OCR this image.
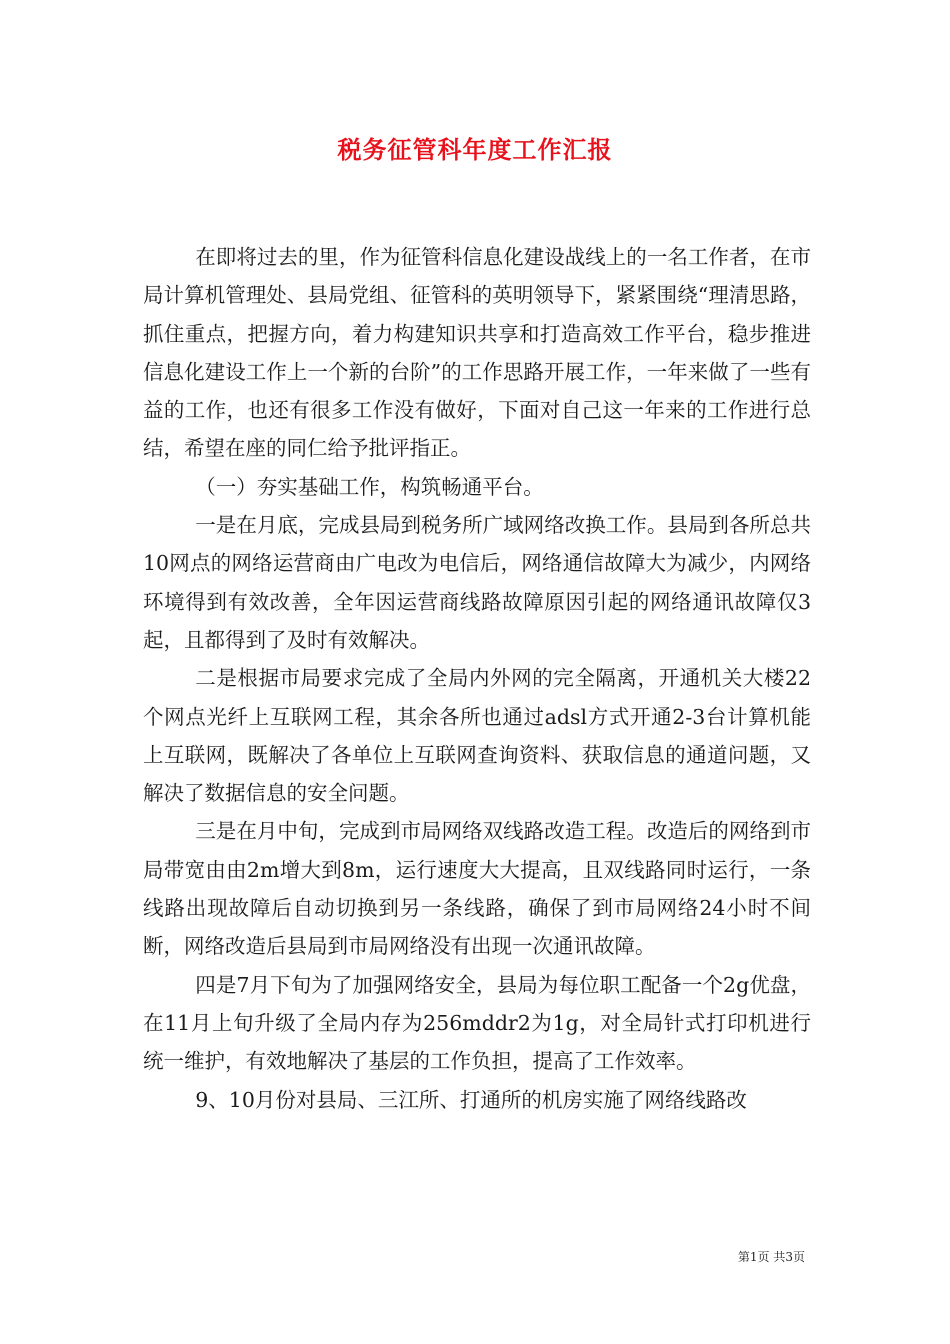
税务征管科年度工作汇报

在即将过去的里，作为征管科信息化建设战线上的一名工作者，在市局计算机管理处、县局党组、征管科的英明领导下，紧紧围绕“理清思路，抓住重点，把握方向，着力构建知识共享和打造高效工作平台，稳步推进信息化建设工作上一个新的台阶”的工作思路开展工作，一年来做了一些有益的工作，也还有很多工作没有做好，下面对自己这一年来的工作进行总结，希望在座的同仁给予批评指正。

（一）夯实基础工作，构筑畅通平台。

一是在月底，完成县局到税务所广域网络改换工作。县局到各所总共10网点的网络运营商由广电改为电信后，网络通信故障大为减少，内网络环境得到有效改善，全年因运营商线路故障原因引起的网络通讯故障仅3起，且都得到了及时有效解决。

二是根据市局要求完成了全局内外网的完全隔离，开通机关大楼22个网点光纤上互联网工程，其余各所也通过adsl方式开通2-3台计算机能上互联网，既解决了各单位上互联网查询资料、获取信息的通道问题，又解决了数据信息的安全问题。

三是在月中旬，完成到市局网络双线路改造工程。改造后的网络到市局带宽由由2m增大到8m，运行速度大大提高，且双线路同时运行，一条线路出现故障后自动切换到另一条线路，确保了到市局网络24小时不间断，网络改造后县局到市局网络没有出现一次通讯故障。

四是7月下旬为了加强网络安全，县局为每位职工配备一个2g优盘，在11月上旬升级了全局内存为256mddr2为1g，对全局针式打印机进行统一维护，有效地解决了基层的工作负担，提高了工作效率。

9、10月份对县局、三江所、打通所的机房实施了网络线路改

第1页 共3页
